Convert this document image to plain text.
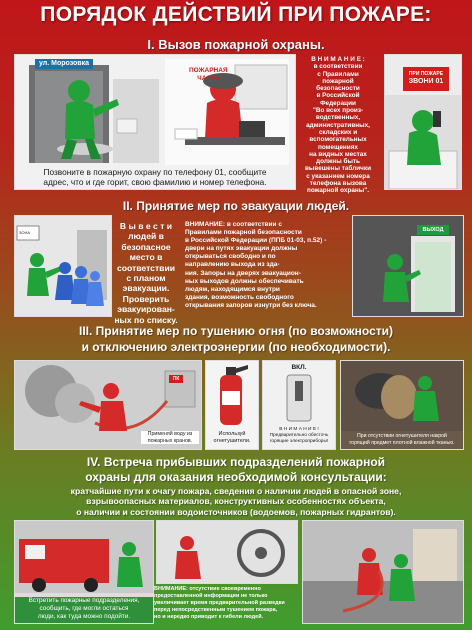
ПОРЯДОК ДЕЙСТВИЙ ПРИ ПОЖАРЕ:
I. Вызов пожарной охраны.
ул. Морозовка
ПОЖАРНАЯ
ЧАСТЬ
Позвоните в пожарную охрану по телефону 01, сообщите
адрес, что и где горит, свою фамилию и номер телефона.
В Н И М А Н И Е :
в соответствии
с Правилами
пожарной
безопасности
в Российской
Федерации
"Во всех произ-
водственных,
административных,
складских и
вспомогательных
помещениях
на видных местах
должны быть
вывешены таблички
с указанием номера
телефона вызова
пожарной охраны".
ПРИ ПОЖАРЕ
ЗВОНИ 01
II. Принятие мер по эвакуации людей.
ЗОНА
В ы в е с т и
людей в
безопасное
место в
соответствии
с планом
эвакуации.
Проверить
эвакуирован-
ных по списку.
ВНИМАНИЕ: в соответствии с
Правилами пожарной безопасности
в Российской Федерации (ППБ 01-03, п.52) -
двери на путях эвакуации должны
открываться свободно и по
направлению выхода из зда-
ния. Запоры на дверях эвакуацион-
ных выходов должны обеспечивать
людям, находящимся внутри
здания, возможность свободного
открывания запоров изнутри без ключа.
ВЫХОД
III. Принятие мер по тушению огня (по возможности)
и отключению электроэнергии (по необходимости).
ПК
Применяй воду из
пожарных кранов.
Используй
огнетушители.
ВКЛ.
В Н И М А Н И Е !
Предварительно обесточь
горящие электроприборы!
При отсутствии огнетушителя накрой
горящий предмет плотной влажной тканью.
IV. Встреча прибывших подразделений пожарной
охраны для оказания необходимой консультации:
кратчайшие пути к очагу пожара, сведения о наличии людей в опасной зоне,
взрывоопасных материалов, конструктивных особенностях объекта,
о наличии и состоянии водоисточников (водоемов, пожарных гидрантов).
Встретить пожарные подразделения,
сообщить, где могли остаться
люди, как туда можно подойти.
ВНИМАНИЕ: отсутствие своевременно
предоставленной информации не только
увеличивает время предварительной разведки
перед непосредственным тушением пожара,
но и нередко приводит к гибели людей.
